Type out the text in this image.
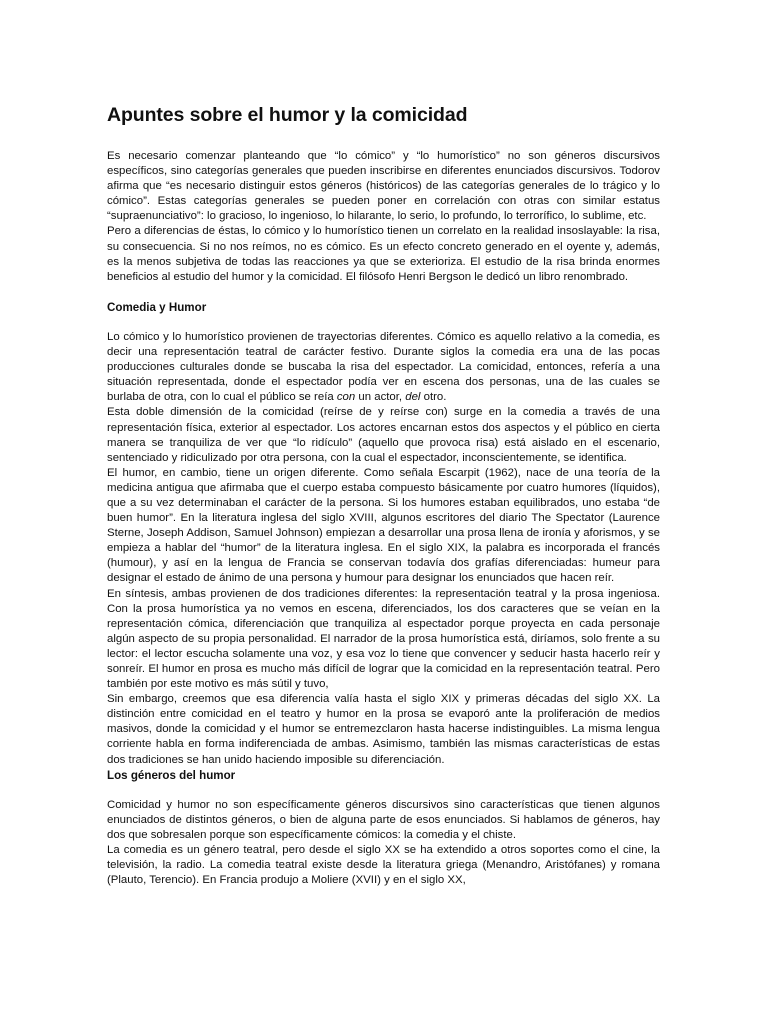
Apuntes sobre el humor y la comicidad

Es necesario comenzar planteando que “lo cómico” y “lo humorístico” no son géneros discursivos específicos, sino categorías generales que pueden inscribirse en diferentes enunciados discursivos. Todorov afirma que “es necesario distinguir estos géneros (históricos) de las categorías generales de lo trágico y lo cómico”. Estas categorías generales se pueden poner en correlación con otras con similar estatus “supraenunciativo”: lo gracioso, lo ingenioso, lo hilarante, lo serio, lo profundo, lo terrorífico, lo sublime, etc.

Pero a diferencias de éstas, lo cómico y lo humorístico tienen un correlato en la realidad insoslayable: la risa, su consecuencia. Si no nos reímos, no es cómico. Es un efecto concreto generado en el oyente y, además, es la menos subjetiva de todas las reacciones ya que se exterioriza. El estudio de la risa brinda enormes beneficios al estudio del humor y la comicidad. El filósofo Henri Bergson le dedicó un libro renombrado.

Comedia y Humor

Lo cómico y lo humorístico provienen de trayectorias diferentes. Cómico es aquello relativo a la comedia, es decir una representación teatral de carácter festivo. Durante siglos la comedia era una de las pocas producciones culturales donde se buscaba la risa del espectador. La comicidad, entonces, refería a una situación representada, donde el espectador podía ver en escena dos personas, una de las cuales se burlaba de otra, con lo cual el público se reía con un actor, del otro.

Esta doble dimensión de la comicidad (reírse de y reírse con) surge en la comedia a través de una representación física, exterior al espectador. Los actores encarnan estos dos aspectos y el público en cierta manera se tranquiliza de ver que “lo ridículo” (aquello que provoca risa) está aislado en el escenario, sentenciado y ridiculizado por otra persona, con la cual el espectador, inconscientemente, se identifica.

El humor, en cambio, tiene un origen diferente. Como señala Escarpit (1962), nace de una teoría de la medicina antigua que afirmaba que el cuerpo estaba compuesto básicamente por cuatro humores (líquidos), que a su vez determinaban el carácter de la persona. Si los humores estaban equilibrados, uno estaba “de buen humor”. En la literatura inglesa del siglo XVIII, algunos escritores del diario The Spectator (Laurence Sterne, Joseph Addison, Samuel Johnson) empiezan a desarrollar una prosa llena de ironía y aforismos, y se empieza a hablar del “humor” de la literatura inglesa. En el siglo XIX, la palabra es incorporada el francés (humour), y así en la lengua de Francia se conservan todavía dos grafías diferenciadas: humeur para designar el estado de ánimo de una persona y humour para designar los enunciados que hacen reír.

En síntesis, ambas provienen de dos tradiciones diferentes: la representación teatral y la prosa ingeniosa. Con la prosa humorística ya no vemos en escena, diferenciados, los dos caracteres que se veían en la representación cómica, diferenciación que tranquiliza al espectador porque proyecta en cada personaje algún aspecto de su propia personalidad. El narrador de la prosa humorística está, diríamos, solo frente a su lector: el lector escucha solamente una voz, y esa voz lo tiene que convencer y seducir hasta hacerlo reír y sonreír. El humor en prosa es mucho más difícil de lograr que la comicidad en la representación teatral. Pero también por este motivo es más sútil y tuvo,

Sin embargo, creemos que esa diferencia valía hasta el siglo XIX y primeras décadas del siglo XX. La distinción entre comicidad en el teatro y humor en la prosa se evaporó ante la proliferación de medios masivos, donde la comicidad y el humor se entremezclaron hasta hacerse indistinguibles. La misma lengua corriente habla en forma indiferenciada de ambas. Asimismo, también las mismas características de estas dos tradiciones se han unido haciendo imposible su diferenciación.

Los géneros del humor

Comicidad y humor no son específicamente géneros discursivos sino características que tienen algunos enunciados de distintos géneros, o bien de alguna parte de esos enunciados. Si hablamos de géneros, hay dos que sobresalen porque son específicamente cómicos: la comedia y el chiste.

La comedia es un género teatral, pero desde el siglo XX se ha extendido a otros soportes como el cine, la televisión, la radio. La comedia teatral existe desde la literatura griega (Menandro, Aristófanes) y romana (Plauto, Terencio). En Francia produjo a Moliere (XVII) y en el siglo XX,
